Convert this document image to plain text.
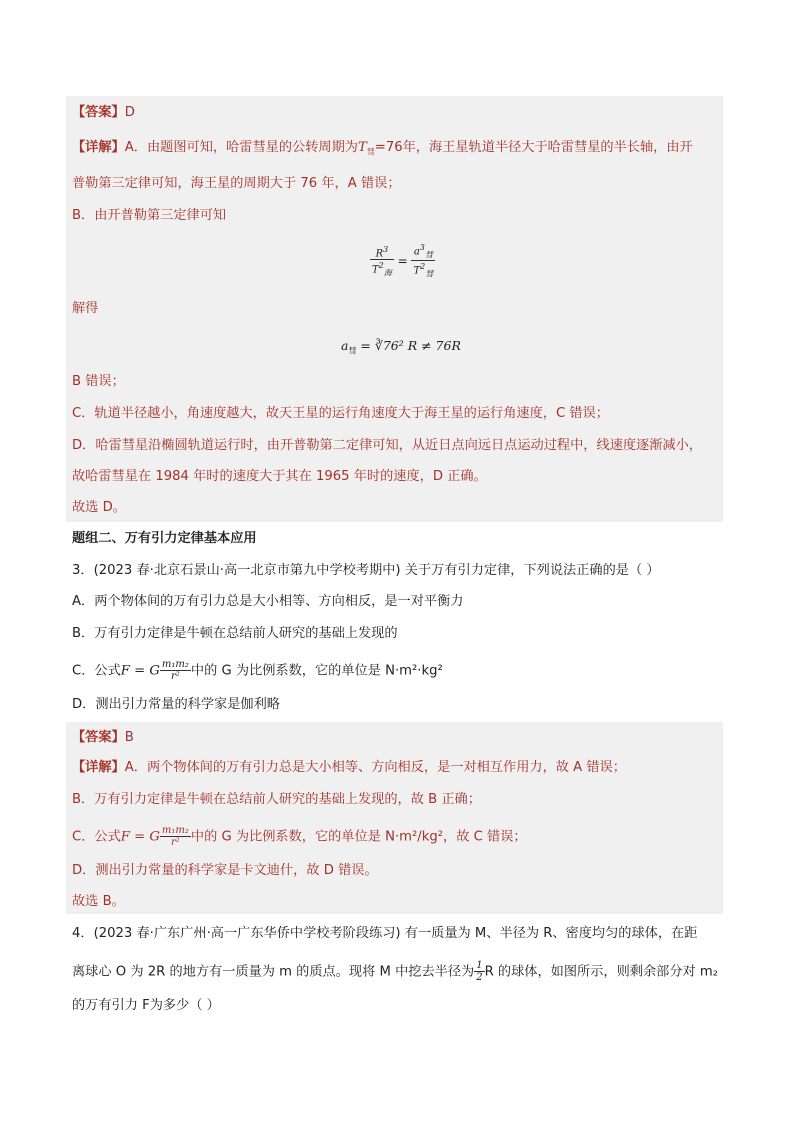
【答案】D
【详解】A．由题图可知，哈雷彗星的公转周期为$T_彗=76$年，海王星轨道半径大于哈雷彗星的半长轴，由开
普勒第三定律可知，海王星的周期大于 76 年，A 错误；
B．由开普勒第三定律可知
$\frac{R^3}{T^2_海} = \frac{a^3_彗}{T^2_彗}$
解得
$a_彗$ = ∛76² R ≠ 76R
B 错误；
C．轨道半径越小，角速度越大，故天王星的运行角速度大于海王星的运行角速度，C 错误；
D．哈雷彗星沿椭圆轨道运行时，由开普勒第二定律可知，从近日点向远日点运动过程中，线速度逐渐减小，
故哈雷彗星在 1984 年时的速度大于其在 1965 年时的速度，D 正确。
故选 D。
题组二、万有引力定律基本应用
3．(2023 春·北京石景山·高一北京市第九中学校考期中) 关于万有引力定律，下列说法正确的是（ ）
A．两个物体间的万有引力总是大小相等、方向相反，是一对平衡力
B．万有引力定律是牛顿在总结前人研究的基础上发现的
C．公式F = G $\frac{\text{m₁m₂}}{\text{r²}}$ 中的 G 为比例系数，它的单位是 N·m²·kg²
D．测出引力常量的科学家是伽利略
【答案】B
【详解】A．两个物体间的万有引力总是大小相等、方向相反，是一对相互作用力，故 A 错误；
B．万有引力定律是牛顿在总结前人研究的基础上发现的，故 B 正确；
C．公式F = G $\frac{\text{m₁m₂}}{\text{r²}}$ 中的 G 为比例系数，它的单位是 N·m²/kg²，故 C 错误；
D．测出引力常量的科学家是卡文迪什，故 D 错误。
故选 B。
4．(2023 春·广东广州·高一广东华侨中学校考阶段练习) 有一质量为 M、半径为 R、密度均匀的球体，在距
离球心 O 为 2R 的地方有一质量为 m 的质点。现将 M 中挖去半径为 $\frac{1}{2}$ R 的球体，如图所示，则剩余部分对 m₂
的万有引力 F为多少（ ）
